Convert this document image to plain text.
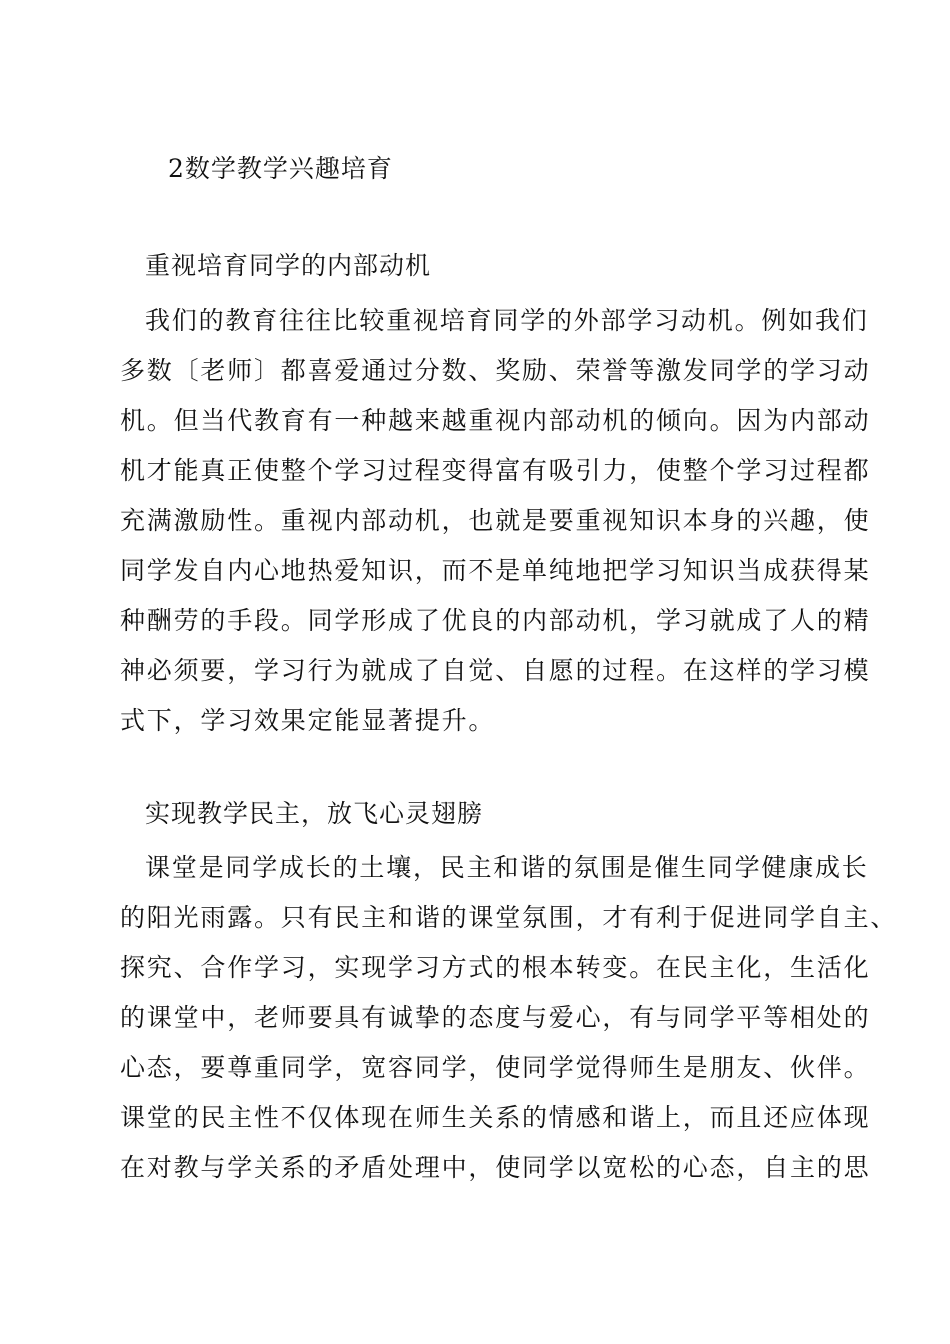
2数学教学兴趣培育
重视培育同学的内部动机
我们的教育往往比较重视培育同学的外部学习动机。例如我们
多数〔老师〕都喜爱通过分数、奖励、荣誉等激发同学的学习动
机。但当代教育有一种越来越重视内部动机的倾向。因为内部动
机才能真正使整个学习过程变得富有吸引力，使整个学习过程都
充满激励性。重视内部动机，也就是要重视知识本身的兴趣，使
同学发自内心地热爱知识，而不是单纯地把学习知识当成获得某
种酬劳的手段。同学形成了优良的内部动机，学习就成了人的精
神必须要，学习行为就成了自觉、自愿的过程。在这样的学习模
式下，学习效果定能显著提升。
实现教学民主，放飞心灵翅膀
课堂是同学成长的土壤，民主和谐的氛围是催生同学健康成长
的阳光雨露。只有民主和谐的课堂氛围，才有利于促进同学自主、
探究、合作学习，实现学习方式的根本转变。在民主化，生活化
的课堂中，老师要具有诚挚的态度与爱心，有与同学平等相处的
心态，要尊重同学，宽容同学，使同学觉得师生是朋友、伙伴。
课堂的民主性不仅体现在师生关系的情感和谐上，而且还应体现
在对教与学关系的矛盾处理中，使同学以宽松的心态，自主的思
